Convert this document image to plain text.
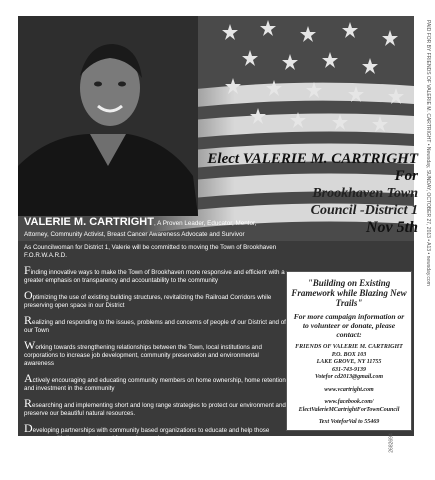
Elect VALERIE M. CARTRIGHT
For
Brookhaven Town
Council -District 1
Nov 5th
VALERIE M. CARTRIGHT, A Proven Leader, Educator, Mentor,
Attorney, Community Activist, Breast Cancer Awareness Advocate and Survivor
As Councilwoman for District 1, Valerie will be committed to moving the Town of Brookhaven F.O.R.W.A.R.D.
Finding innovative ways to make the Town of Brookhaven more responsive and efficient with a greater emphasis on transparency and accountability to the community
Optimizing the use of existing building structures, revitalizing the Railroad Corridors while preserving open space in our District
Realizing and responding to the issues, problems and concerns of people of our District and of our Town
Working towards strengthening relationships between the Town, local institutions and corporations to increase job development, community preservation and environmental awareness
Actively encouraging and educating community members on home ownership, home retention and investment in the community
Researching and implementing short and long range strategies to protect our environment and preserve our beautiful natural resources.
Developing partnerships with community based organizations to educate and help those among us with the greatest need for services and support
"Building on Existing Framework while Blazing New Trails"
For more campaign information or to volunteer or donate, please contact:
FRIENDS OF VALERIE M. CARTRIGHT
P.O. BOX 103
LAKE GROVE, NY 11755
631-743-9139
Votefor cd2013@gmail.com
www.vcartright.com
www.facebook.com/ ElectValerieMCartrightForTownCouncil
Text VoteforVal to 55469
PAID FOR BY FRIENDS OF VALERIE M. CARTRIGHT • Newsday, SUNDAY, OCTOBER 27, 2013 • A13 • newsday.com
2682694
